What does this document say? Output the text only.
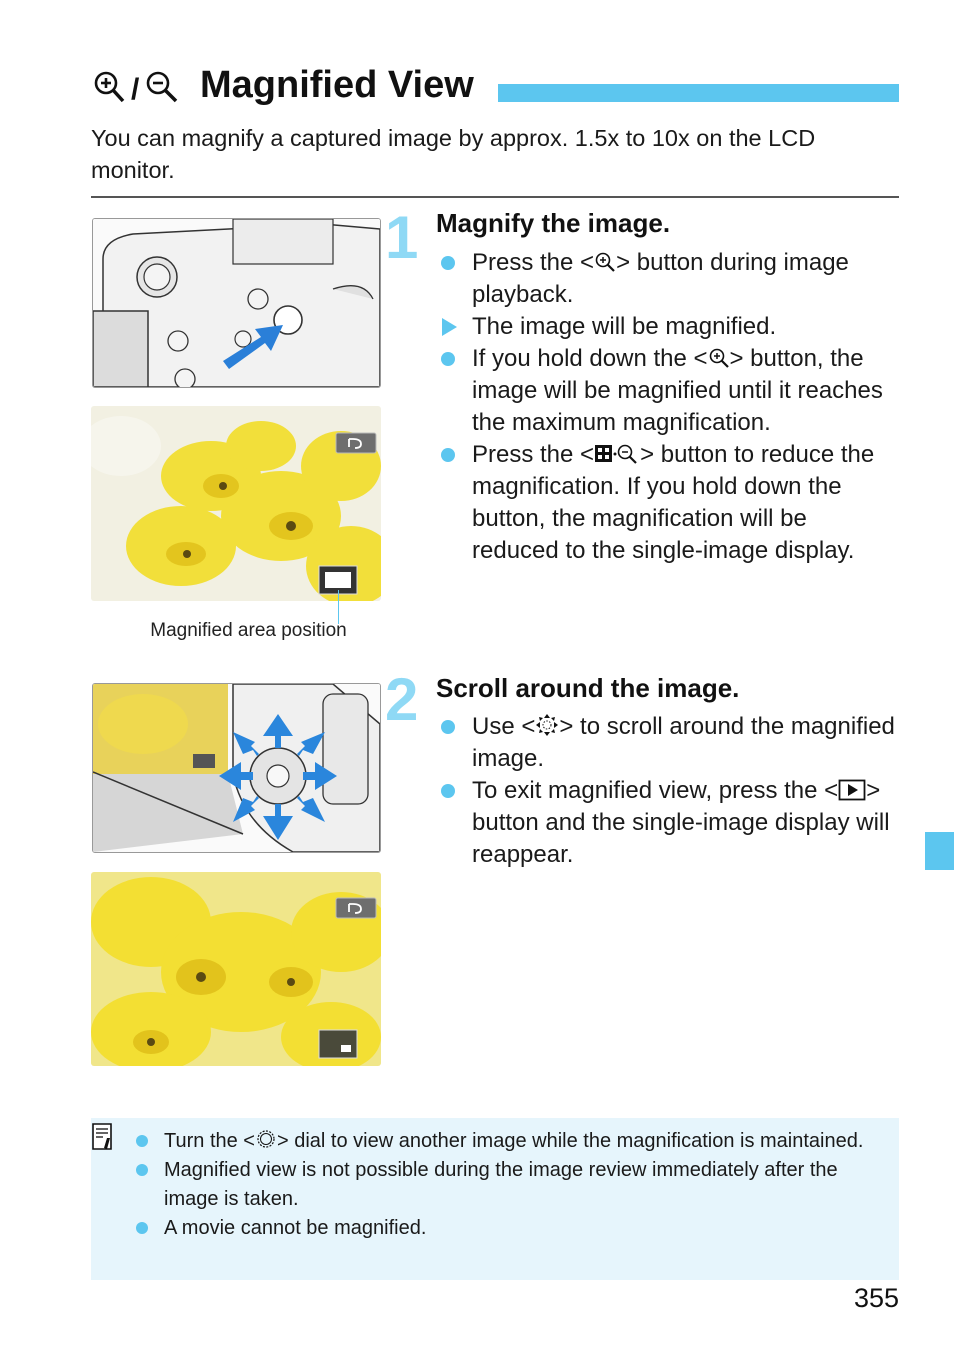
/ Magnified View
You can magnify a captured image by approx. 1.5x to 10x on the LCD monitor.
Magnified area position
1 Magnify the image.
Press the < > button during image playback.
The image will be magnified.
If you hold down the < > button, the image will be magnified until it reaches the maximum magnification.
Press the < > button to reduce the magnification. If you hold down the button, the magnification will be reduced to the single-image display.
2 Scroll around the image.
Use < > to scroll around the magnified image.
To exit magnified view, press the < > button and the single-image display will reappear.
Turn the < > dial to view another image while the magnification is maintained.
Magnified view is not possible during the image review immediately after the image is taken.
A movie cannot be magnified.
355
